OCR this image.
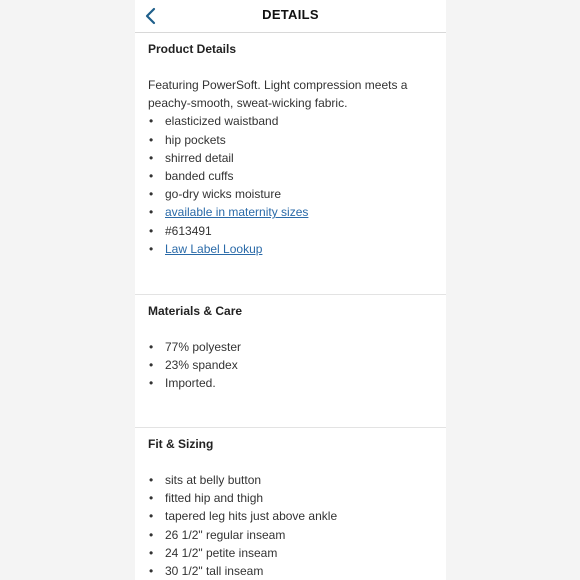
DETAILS
Product Details
Featuring PowerSoft. Light compression meets a peachy-smooth, sweat-wicking fabric.
• elasticized waistband
• hip pockets
• shirred detail
• banded cuffs
• go-dry wicks moisture
• available in maternity sizes
• #613491
• Law Label Lookup
Materials & Care
• 77% polyester
• 23% spandex
• Imported.
Fit & Sizing
• sits at belly button
• fitted hip and thigh
• tapered leg hits just above ankle
• 26 1/2" regular inseam
• 24 1/2" petite inseam
• 30 1/2" tall inseam
